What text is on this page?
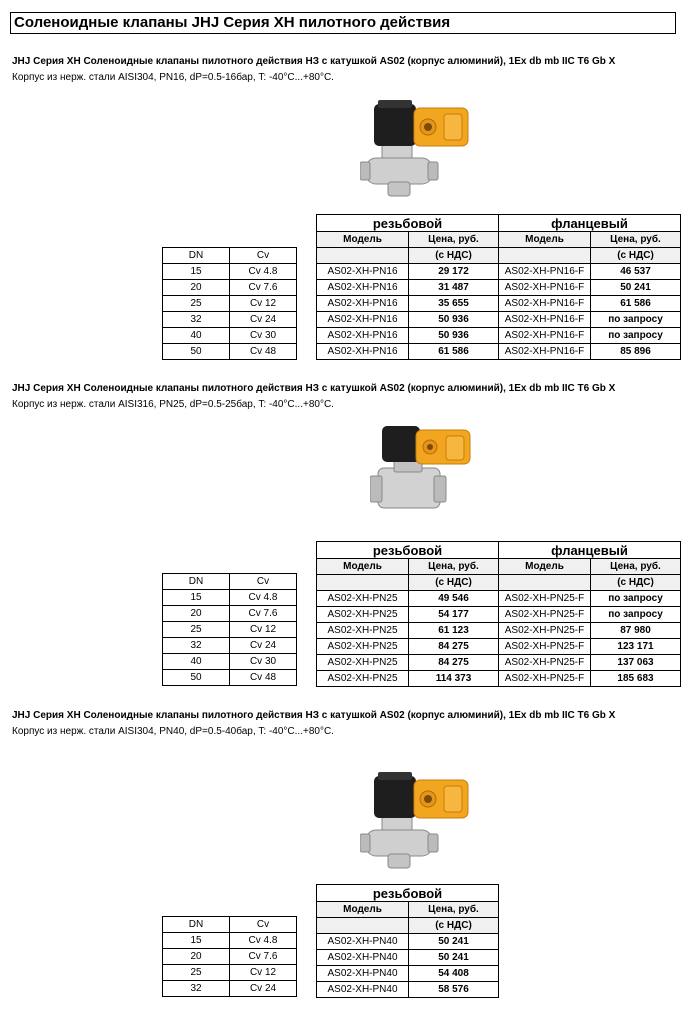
Соленоидные клапаны JHJ Серия XH пилотного действия
JHJ Серия XH Соленоидные клапаны пилотного действия НЗ с катушкой AS02 (корпус алюминий), 1Ex db mb IIC T6 Gb X
Корпус из нерж. стали AISI304, PN16, dP=0.5-16бар, T: -40°С...+80°С.
DN	Cv
15	Cv 4.8
20	Cv 7.6
25	Cv 12
32	Cv 24
40	Cv 30
50	Cv 48
резьбовой		фланцевый	
Модель	Цена, руб.	Модель	Цена, руб.
	(с НДС)		(с НДС)
AS02-XH-PN16	29 172	AS02-XH-PN16-F	46 537
AS02-XH-PN16	31 487	AS02-XH-PN16-F	50 241
AS02-XH-PN16	35 655	AS02-XH-PN16-F	61 586
AS02-XH-PN16	50 936	AS02-XH-PN16-F	по запросу
AS02-XH-PN16	50 936	AS02-XH-PN16-F	по запросу
AS02-XH-PN16	61 586	AS02-XH-PN16-F	85 896
JHJ Серия XH Соленоидные клапаны пилотного действия НЗ с катушкой AS02 (корпус алюминий), 1Ex db mb IIC T6 Gb X
Корпус из нерж. стали AISI316, PN25, dP=0.5-25бар, T: -40°С...+80°С.
DN	Cv
15	Cv 4.8
20	Cv 7.6
25	Cv 12
32	Cv 24
40	Cv 30
50	Cv 48
резьбовой		фланцевый	
Модель	Цена, руб.	Модель	Цена, руб.
	(с НДС)		(с НДС)
AS02-XH-PN25	49 546	AS02-XH-PN25-F	по запросу
AS02-XH-PN25	54 177	AS02-XH-PN25-F	по запросу
AS02-XH-PN25	61 123	AS02-XH-PN25-F	87 980
AS02-XH-PN25	84 275	AS02-XH-PN25-F	123 171
AS02-XH-PN25	84 275	AS02-XH-PN25-F	137 063
AS02-XH-PN25	114 373	AS02-XH-PN25-F	185 683
JHJ Серия XH Соленоидные клапаны пилотного действия НЗ с катушкой AS02 (корпус алюминий), 1Ex db mb IIC T6 Gb X
Корпус из нерж. стали AISI304, PN40, dP=0.5-40бар, T: -40°С...+80°С.
DN	Cv
15	Cv 4.8
20	Cv 7.6
25	Cv 12
32	Cv 24
резьбовой	
Модель	Цена, руб.
	(с НДС)
AS02-XH-PN40	50 241
AS02-XH-PN40	50 241
AS02-XH-PN40	54 408
AS02-XH-PN40	58 576
